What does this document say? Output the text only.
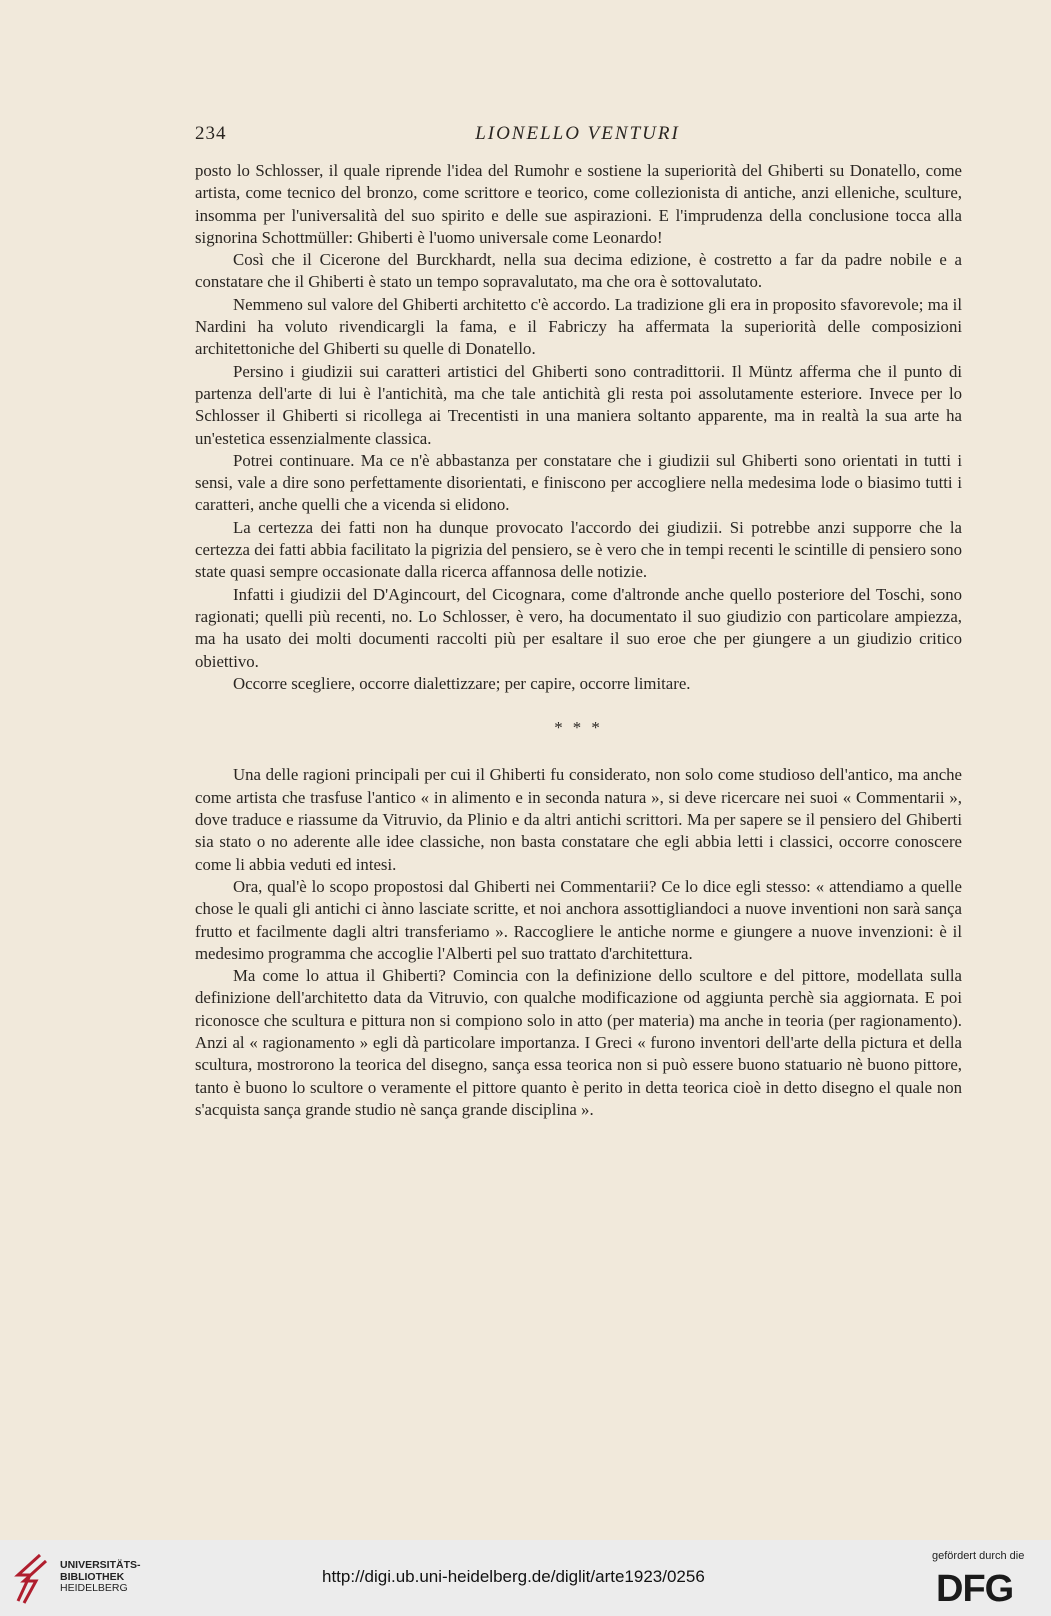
234	LIONELLO VENTURI

posto lo Schlosser, il quale riprende l'idea del Rumohr e sostiene la superiorità del Ghiberti su Donatello, come artista, come tecnico del bronzo, come scrittore e teorico, come collezionista di antiche, anzi elleniche, sculture, insomma per l'universalità del suo spirito e delle sue aspirazioni. E l'imprudenza della conclusione tocca alla signorina Schottmüller: Ghiberti è l'uomo universale come Leonardo!

Così che il Cicerone del Burckhardt, nella sua decima edizione, è costretto a far da padre nobile e a constatare che il Ghiberti è stato un tempo sopravalutato, ma che ora è sottovalutato.

Nemmeno sul valore del Ghiberti architetto c'è accordo. La tradizione gli era in proposito sfavorevole; ma il Nardini ha voluto rivendicargli la fama, e il Fabriczy ha affermata la superiorità delle composizioni architettoniche del Ghiberti su quelle di Donatello.

Persino i giudizii sui caratteri artistici del Ghiberti sono contradittorii. Il Müntz afferma che il punto di partenza dell'arte di lui è l'antichità, ma che tale antichità gli resta poi assolutamente esteriore. Invece per lo Schlosser il Ghiberti si ricollega ai Trecentisti in una maniera soltanto apparente, ma in realtà la sua arte ha un'estetica essenzialmente classica.

Potrei continuare. Ma ce n'è abbastanza per constatare che i giudizii sul Ghiberti sono orientati in tutti i sensi, vale a dire sono perfettamente disorientati, e finiscono per accogliere nella medesima lode o biasimo tutti i caratteri, anche quelli che a vicenda si elidono.

La certezza dei fatti non ha dunque provocato l'accordo dei giudizii. Si potrebbe anzi supporre che la certezza dei fatti abbia facilitato la pigrizia del pensiero, se è vero che in tempi recenti le scintille di pensiero sono state quasi sempre occasionate dalla ricerca affannosa delle notizie.

Infatti i giudizii del D'Agincourt, del Cicognara, come d'altronde anche quello posteriore del Toschi, sono ragionati; quelli più recenti, no. Lo Schlosser, è vero, ha documentato il suo giudizio con particolare ampiezza, ma ha usato dei molti documenti raccolti più per esaltare il suo eroe che per giungere a un giudizio critico obiettivo.

Occorre scegliere, occorre dialettizzare; per capire, occorre limitare.

* * *

Una delle ragioni principali per cui il Ghiberti fu considerato, non solo come studioso dell'antico, ma anche come artista che trasfuse l'antico « in alimento e in seconda natura », si deve ricercare nei suoi « Commentarii », dove traduce e riassume da Vitruvio, da Plinio e da altri antichi scrittori. Ma per sapere se il pensiero del Ghiberti sia stato o no aderente alle idee classiche, non basta constatare che egli abbia letti i classici, occorre conoscere come li abbia veduti ed intesi.

Ora, qual'è lo scopo propostosi dal Ghiberti nei Commentarii? Ce lo dice egli stesso: « attendiamo a quelle chose le quali gli antichi ci ànno lasciate scritte, et noi anchora assottigliandoci a nuove inventioni non sarà sança frutto et facilmente dagli altri transferiamo ». Raccogliere le antiche norme e giungere a nuove invenzioni: è il medesimo programma che accoglie l'Alberti pel suo trattato d'architettura.

Ma come lo attua il Ghiberti? Comincia con la definizione dello scultore e del pittore, modellata sulla definizione dell'architetto data da Vitruvio, con qualche modificazione od aggiunta perchè sia aggiornata. E poi riconosce che scultura e pittura non si compiono solo in atto (per materia) ma anche in teoria (per ragionamento). Anzi al « ragionamento » egli dà particolare importanza. I Greci « furono inventori dell'arte della pictura et della scultura, mostrorono la teorica del disegno, sança essa teorica non si può essere buono statuario nè buono pittore, tanto è buono lo scultore o veramente el pittore quanto è perito in detta teorica cioè in detto disegno el quale non s'acquista sança grande studio nè sança grande disciplina ».

UNIVERSITÄTS-
BIBLIOTHEK
HEIDELBERG
http://digi.ub.uni-heidelberg.de/diglit/arte1923/0256
gefördert durch die
DFG
